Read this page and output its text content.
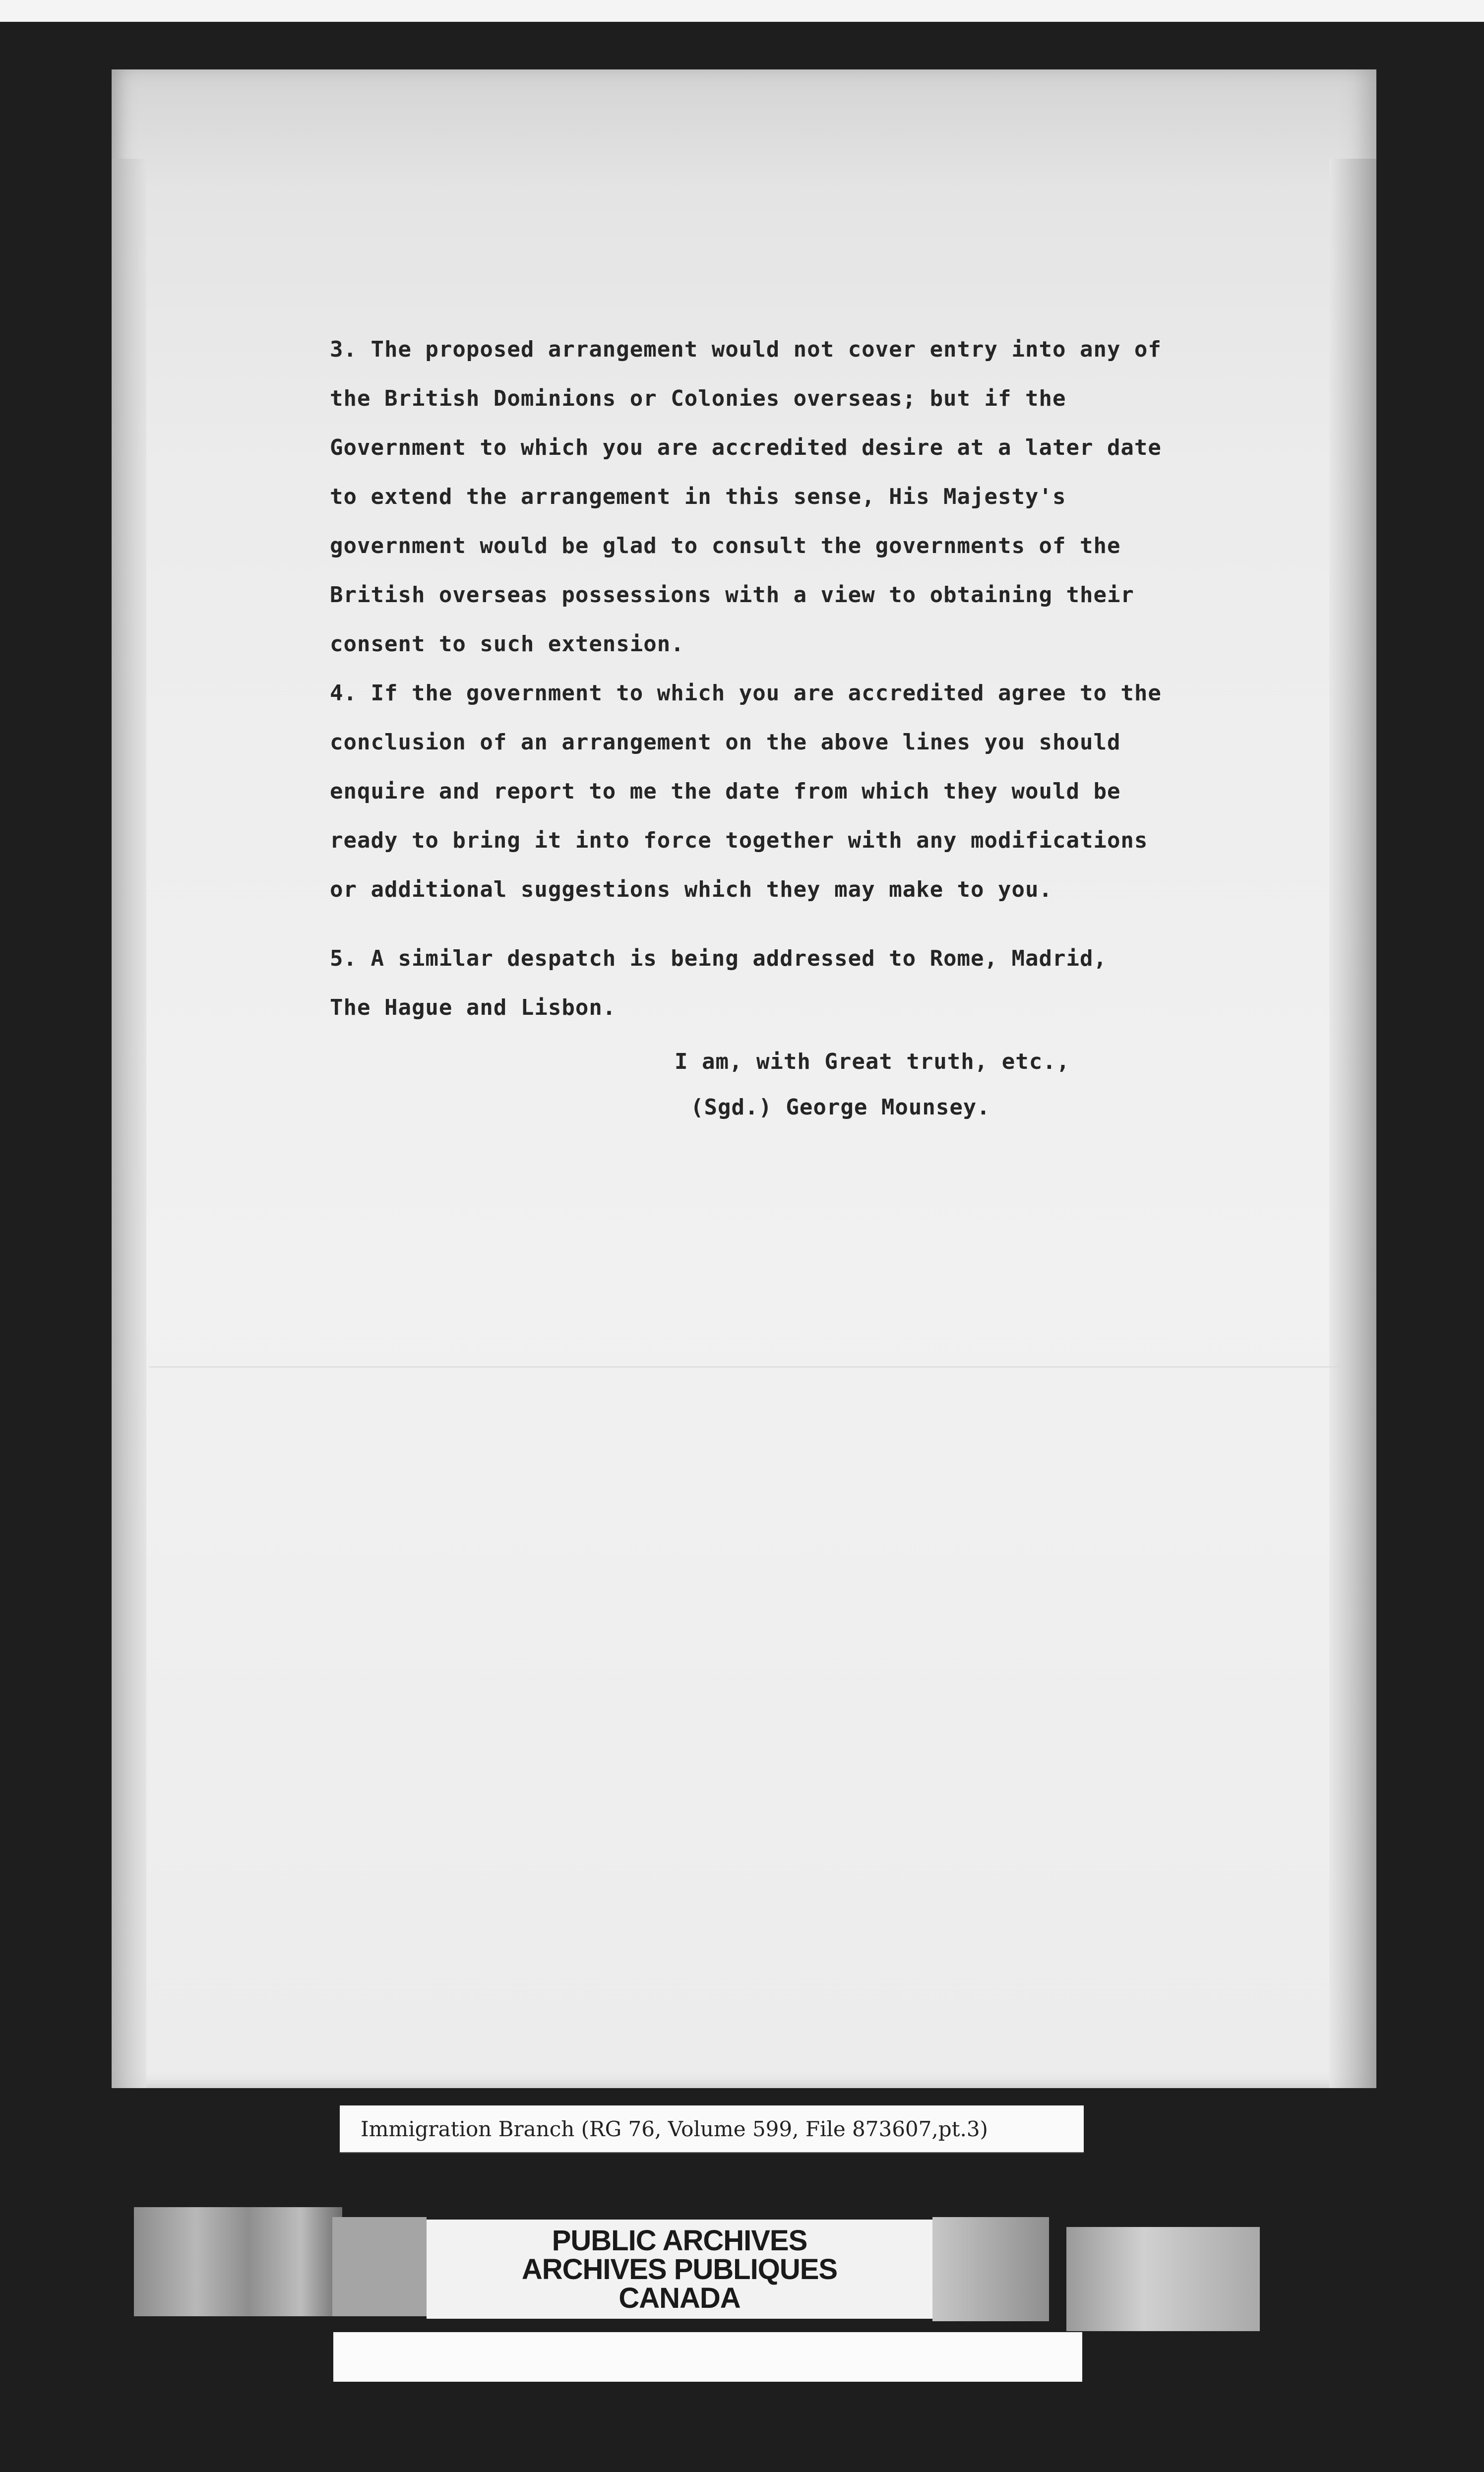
3. The proposed arrangement would not cover entry into any of

the British Dominions or Colonies overseas; but if the

Government to which you are accredited desire at a later date

to extend the arrangement in this sense, His Majesty's

government would be glad to consult the governments of the

British overseas possessions with a view to obtaining their

consent to such extension.

4. If the government to which you are accredited agree to the

conclusion of an arrangement on the above lines you should

enquire and report to me the date from which they would be

ready to bring it into force together with any modifications

or additional suggestions which they may make to you.

5. A similar despatch is being addressed to Rome, Madrid,

The Hague and Lisbon.

I am, with Great truth, etc.,

(Sgd.) George Mounsey.

Immigration Branch (RG 76, Volume 599, File 873607,pt.3)
PUBLIC ARCHIVES
ARCHIVES PUBLIQUES
CANADA
